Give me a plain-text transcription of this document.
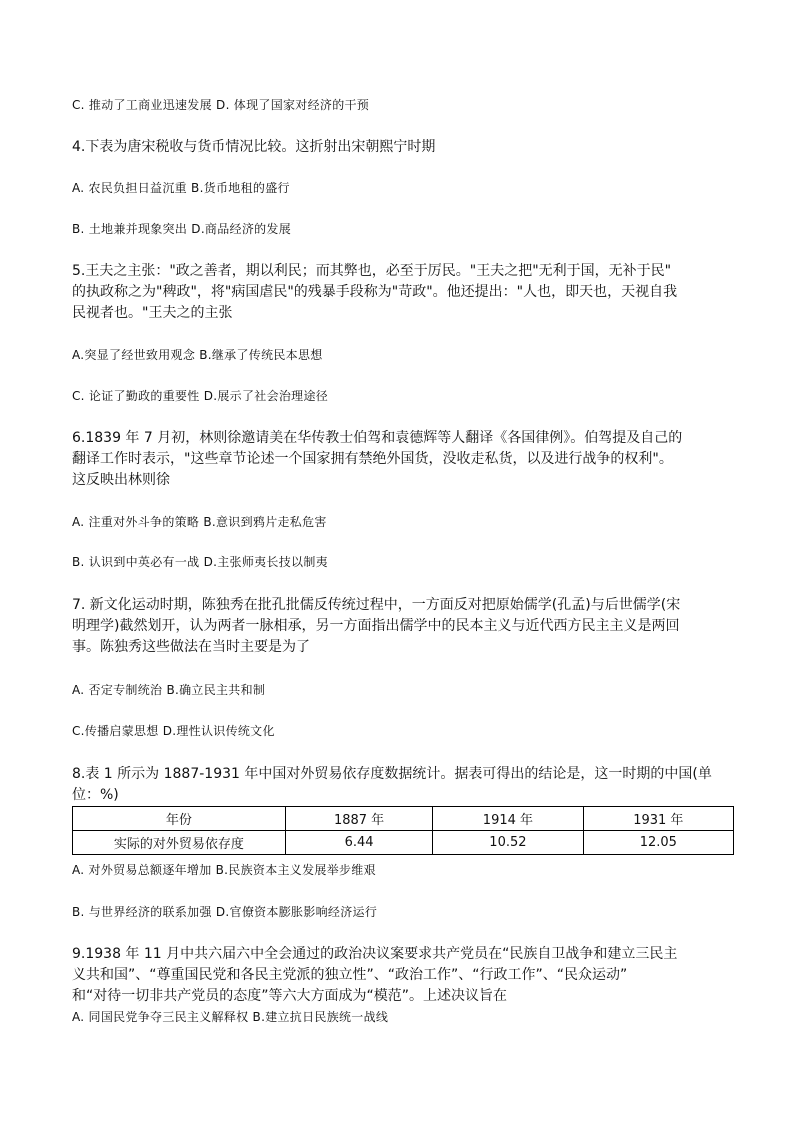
C. 推动了工商业迅速发展 D. 体现了国家对经济的干预
4.下表为唐宋税收与货币情况比较。这折射出宋朝熙宁时期
A. 农民负担日益沉重 B.货币地租的盛行
B. 土地兼并现象突出 D.商品经济的发展
5.王夫之主张："政之善者，期以利民；而其弊也，必至于厉民。"王夫之把"无利于国，无补于民"
的执政称之为"稗政"，将"病国虐民"的残暴手段称为"苛政"。他还提出："人也，即天也，天视自我
民视者也。"王夫之的主张
A.突显了经世致用观念 B.继承了传统民本思想
C. 论证了勤政的重要性 D.展示了社会治理途径
6.1839 年 7 月初，林则徐邀请美在华传教士伯驾和袁德辉等人翻译《各国律例》。伯驾提及自己的
翻译工作时表示，"这些章节论述一个国家拥有禁绝外国货，没收走私货，以及进行战争的权利"。
这反映出林则徐
A. 注重对外斗争的策略 B.意识到鸦片走私危害
B. 认识到中英必有一战 D.主张师夷长技以制夷
7. 新文化运动时期，陈独秀在批孔批儒反传统过程中，一方面反对把原始儒学(孔孟)与后世儒学(宋
明理学)截然划开，认为两者一脉相承，另一方面指出儒学中的民本主义与近代西方民主主义是两回
事。陈独秀这些做法在当时主要是为了
A. 否定专制统治 B.确立民主共和制
C.传播启蒙思想 D.理性认识传统文化
8.表 1 所示为 1887-1931 年中国对外贸易依存度数据统计。据表可得出的结论是，这一时期的中国(单
位：%)
年份	1887 年	1914 年	1931 年
实际的对外贸易依存度	6.44	10.52	12.05
A. 对外贸易总额逐年增加 B.民族资本主义发展举步维艰
B. 与世界经济的联系加强 D.官僚资本膨胀影响经济运行
9.1938 年 11 月中共六届六中全会通过的政治决议案要求共产党员在“民族自卫战争和建立三民主
义共和国”、“尊重国民党和各民主党派的独立性”、“政治工作”、“行政工作”、“民众运动”
和“对待一切非共产党员的态度”等六大方面成为“模范”。上述决议旨在
A. 同国民党争夺三民主义解释权 B.建立抗日民族统一战线
